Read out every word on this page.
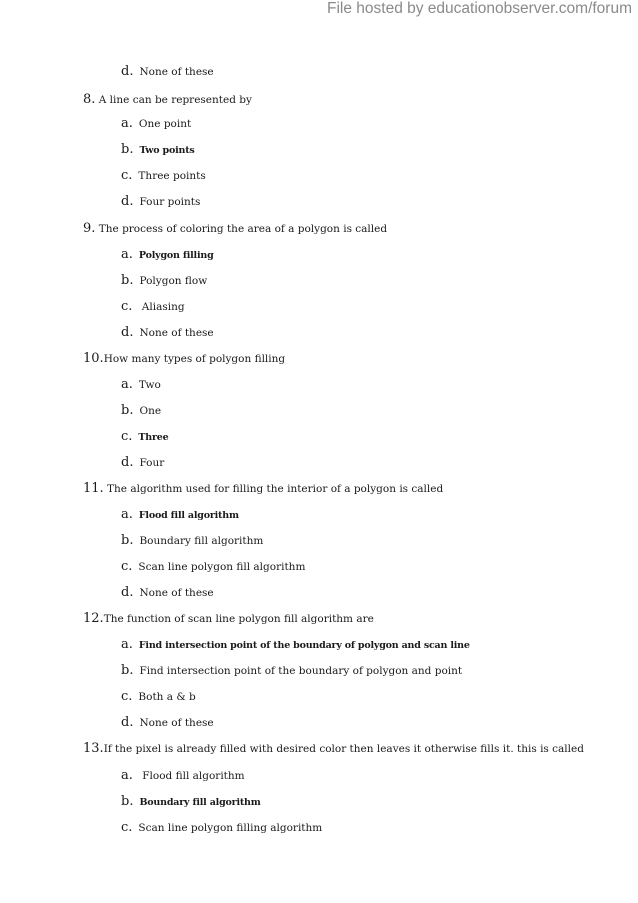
File hosted by educationobserver.com/forum
d. None of these
8. A line can be represented by
a. One point
b. Two points
c. Three points
d. Four points
9. The process of coloring the area of a polygon is called
a. Polygon filling
b. Polygon flow
c. Aliasing
d. None of these
10.How many types of polygon filling
a. Two
b. One
c. Three
d. Four
11. The algorithm used for filling the interior of a polygon is called
a. Flood fill algorithm
b. Boundary fill algorithm
c. Scan line polygon fill algorithm
d. None of these
12.The function of scan line polygon fill algorithm are
a. Find intersection point of the boundary of polygon and scan line
b. Find intersection point of the boundary of polygon and point
c. Both a & b
d. None of these
13.If the pixel is already filled with desired color then leaves it otherwise fills it. this is called
a. Flood fill algorithm
b. Boundary fill algorithm
c. Scan line polygon filling algorithm
